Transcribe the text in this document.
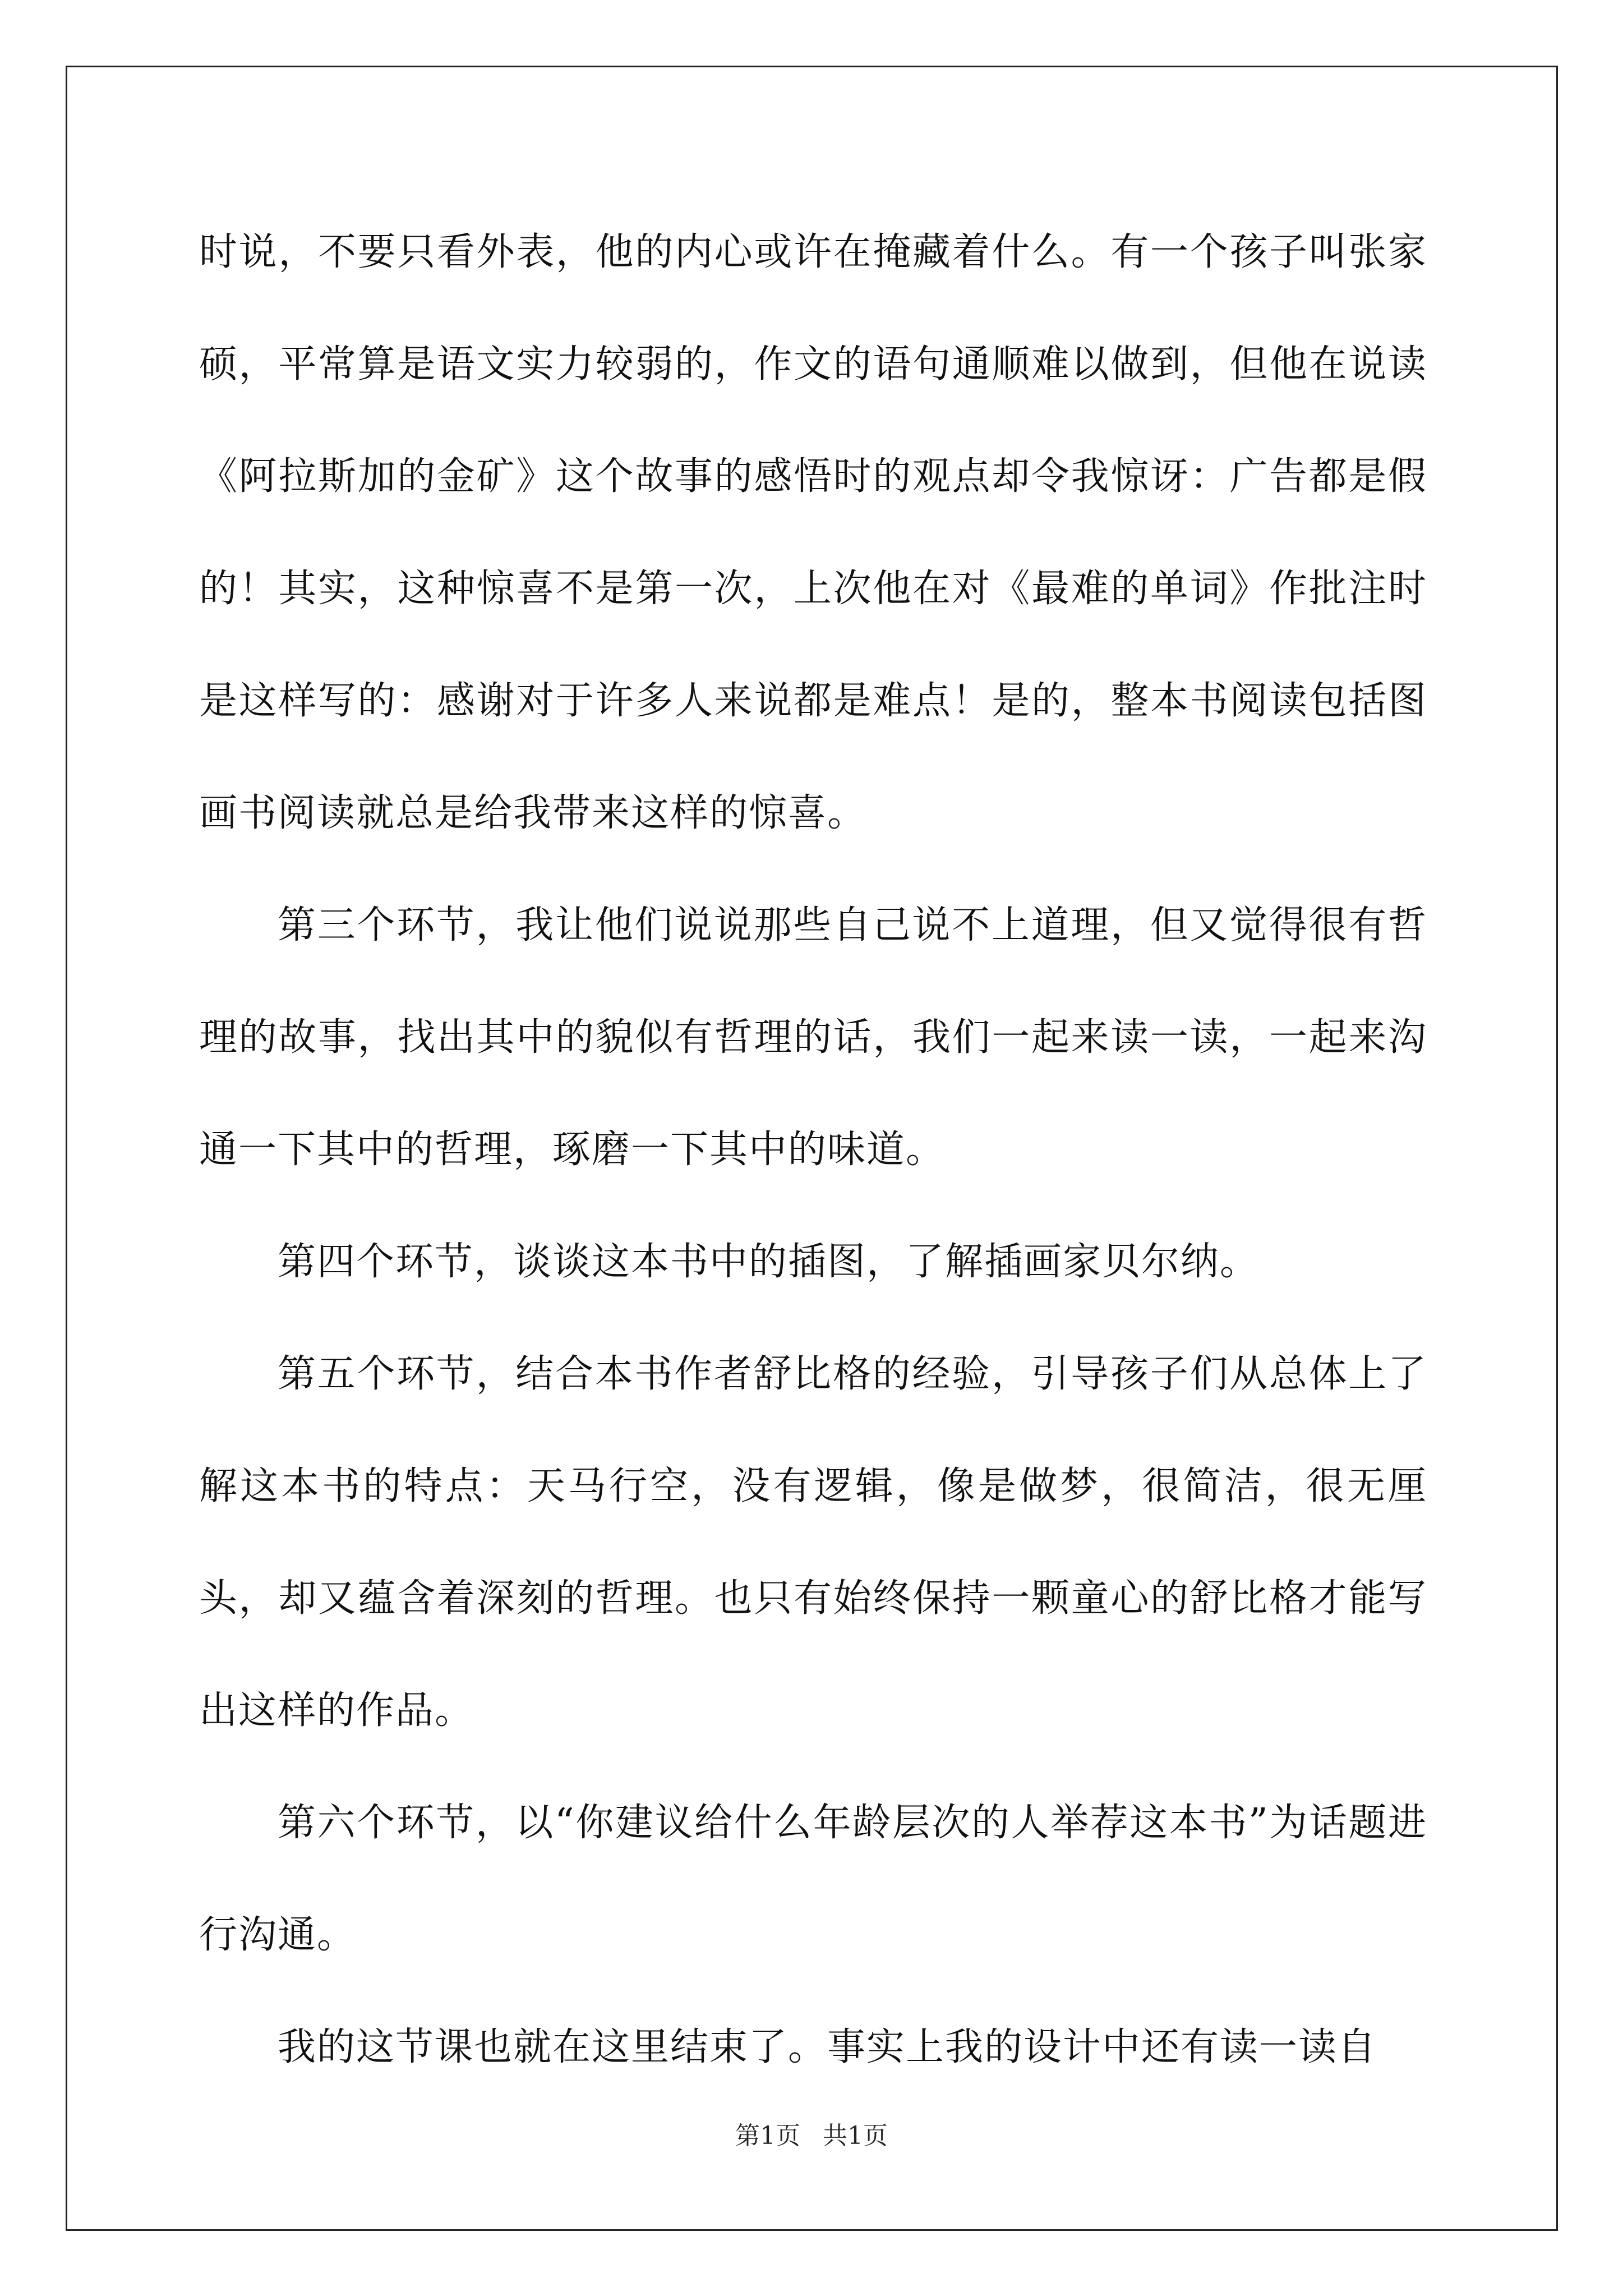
时说，不要只看外表，他的内心或许在掩藏着什么。有一个孩子叫张家硕，平常算是语文实力较弱的，作文的语句通顺难以做到，但他在说读《阿拉斯加的金矿》这个故事的感悟时的观点却令我惊讶：广告都是假的！其实，这种惊喜不是第一次，上次他在对《最难的单词》作批注时是这样写的：感谢对于许多人来说都是难点！是的，整本书阅读包括图画书阅读就总是给我带来这样的惊喜。

第三个环节，我让他们说说那些自己说不上道理，但又觉得很有哲理的故事，找出其中的貌似有哲理的话，我们一起来读一读，一起来沟通一下其中的哲理，琢磨一下其中的味道。

第四个环节，谈谈这本书中的插图，了解插画家贝尔纳。

第五个环节，结合本书作者舒比格的经验，引导孩子们从总体上了解这本书的特点：天马行空，没有逻辑，像是做梦，很简洁，很无厘头，却又蕴含着深刻的哲理。也只有始终保持一颗童心的舒比格才能写出这样的作品。

第六个环节，以“你建议给什么年龄层次的人举荐这本书”为话题进行沟通。

我的这节课也就在这里结束了。事实上我的设计中还有读一读自

第1页 共1页
